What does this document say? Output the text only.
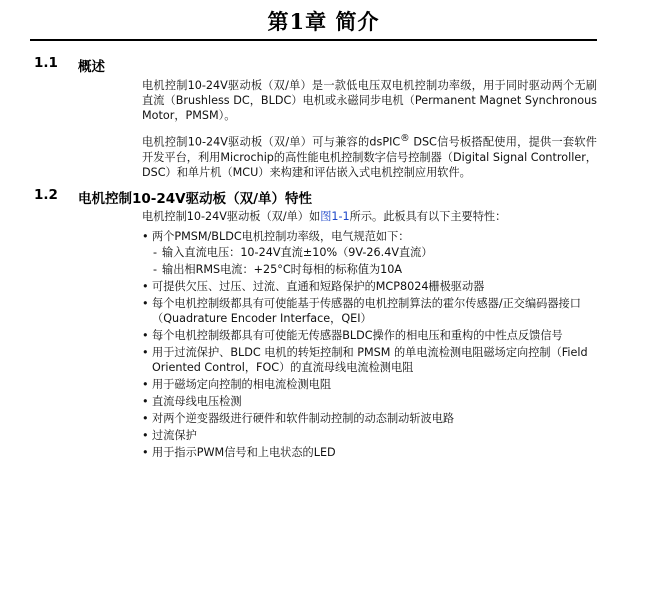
第1章 简介
1.1 概述

电机控制10-24V驱动板（双/单）是一款低电压双电机控制功率级，用于同时驱动两个无刷直流（Brushless DC，BLDC）电机或永磁同步电机（Permanent Magnet Synchronous Motor，PMSM）。

电机控制10-24V驱动板（双/单）可与兼容的dsPIC® DSC信号板搭配使用，提供一套软件开发平台，利用Microchip的高性能电机控制数字信号控制器（Digital Signal Controller，DSC）和单片机（MCU）来构建和评估嵌入式电机控制应用软件。

1.2 电机控制10-24V驱动板（双/单）特性

电机控制10-24V驱动板（双/单）如图1-1所示。此板具有以下主要特性：

• 两个PMSM/BLDC电机控制功率级，电气规范如下：
- 输入直流电压：10-24V直流±10%（9V-26.4V直流）
- 输出相RMS电流：+25°C时每相的标称值为10A
• 可提供欠压、过压、过流、直通和短路保护的MCP8024栅极驱动器
• 每个电机控制级都具有可使能基于传感器的电机控制算法的霍尔传感器/正交编码器接口（Quadrature Encoder Interface，QEI）
• 每个电机控制级都具有可使能无传感器BLDC操作的相电压和重构的中性点反馈信号
• 用于过流保护、BLDC 电机的转矩控制和 PMSM 的单电流检测电阻磁场定向控制（Field Oriented Control，FOC）的直流母线电流检测电阻
• 用于磁场定向控制的相电流检测电阻
• 直流母线电压检测
• 对两个逆变器级进行硬件和软件制动控制的动态制动斩波电路
• 过流保护
• 用于指示PWM信号和上电状态的LED
